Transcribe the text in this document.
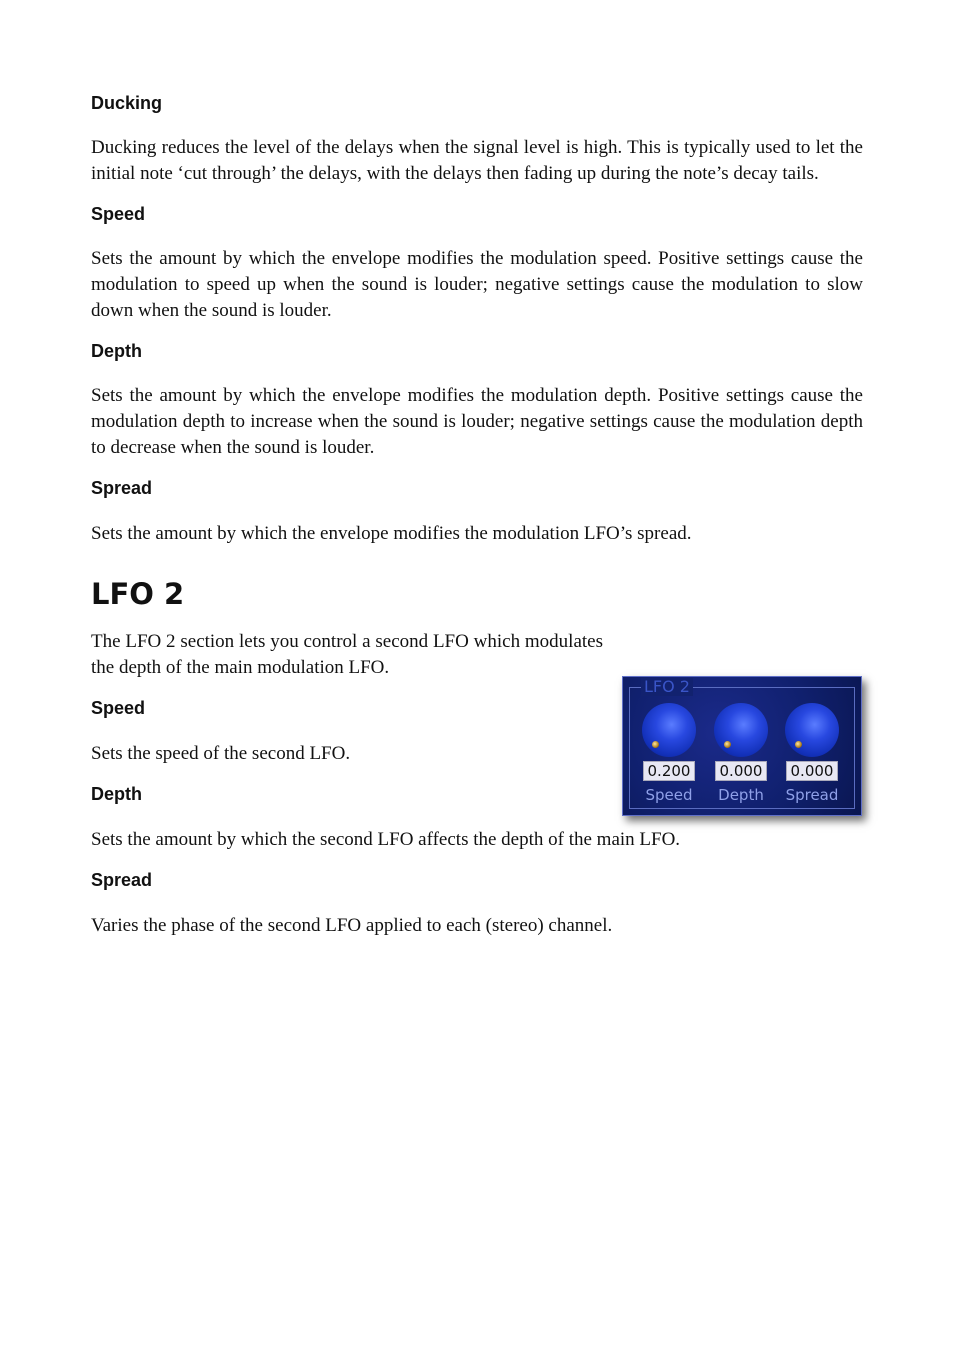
Ducking

Ducking reduces the level of the delays when the signal level is high. This is typically used to let the initial note ‘cut through’ the delays, with the delays then fading up during the note’s decay tails.

Speed

Sets the amount by which the envelope modifies the modulation speed. Positive settings cause the modulation to speed up when the sound is louder; negative settings cause the modulation to slow down when the sound is louder.

Depth

Sets the amount by which the envelope modifies the modulation depth. Positive settings cause the modulation depth to increase when the sound is louder; negative settings cause the modulation depth to decrease when the sound is louder.

Spread

Sets the amount by which the envelope modifies the modulation LFO’s spread.

LFO 2

The LFO 2 section lets you control a second LFO which modulates the depth of the main modulation LFO.

Speed

Sets the speed of the second LFO.

Depth

Sets the amount by which the second LFO affects the depth of the main LFO.

Spread

Varies the phase of the second LFO applied to each (stereo) channel.

LFO 2
0.200
Speed
0.000
Depth
0.000
Spread
